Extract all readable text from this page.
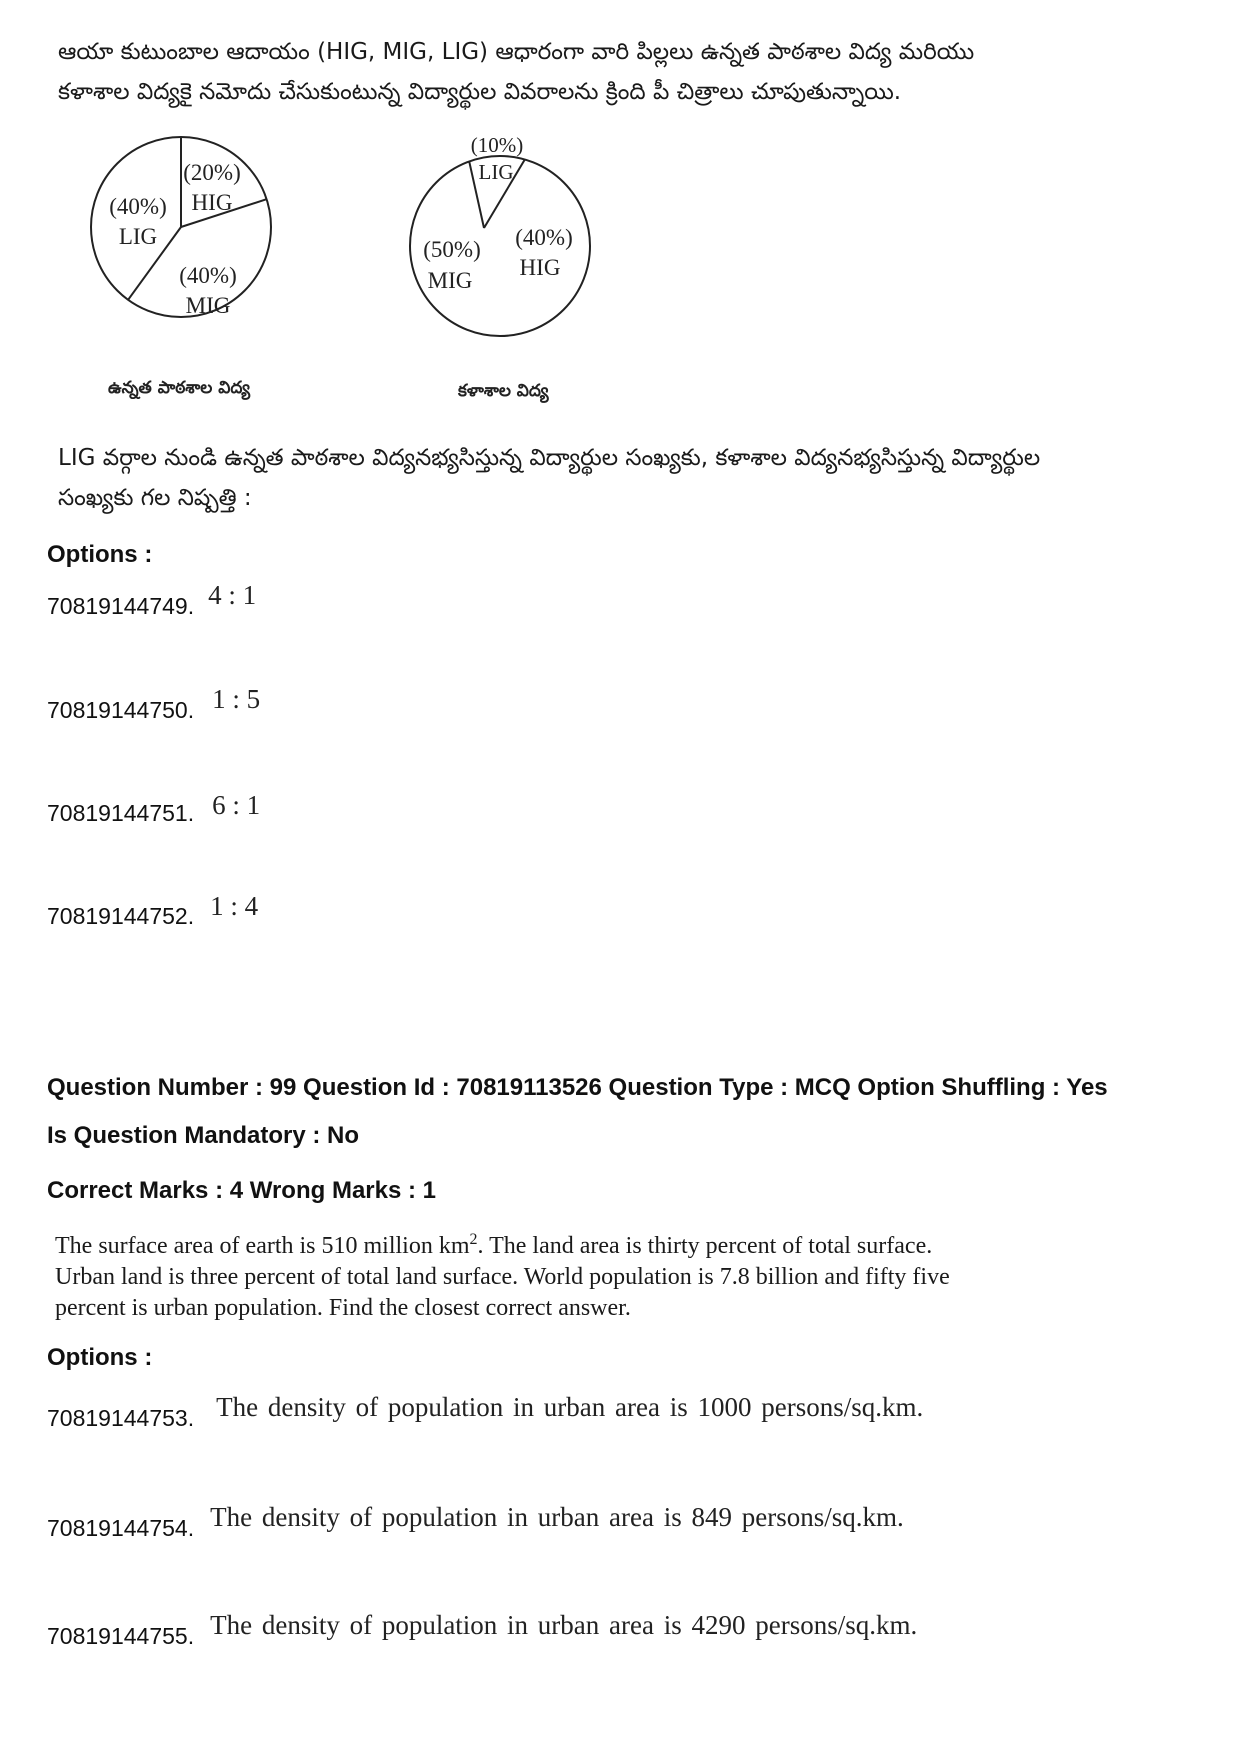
ఆయా కుటుంబాల ఆదాయం (HIG, MIG, LIG) ఆధారంగా వారి పిల్లలు ఉన్నత పాఠశాల విద్య మరియు
కళాశాల విద్యకై నమోదు చేసుకుంటున్న విద్యార్థుల వివరాలను క్రింది పీ చిత్రాలు చూపుతున్నాయి.
(20%)
HIG
(40%)
MIG
(40%)
LIG
ఉన్నత పాఠశాల విద్య
(10%)
LIG
(40%)
HIG
(50%)
MIG
కళాశాల విద్య
LIG వర్గాల నుండి ఉన్నత పాఠశాల విద్యనభ్యసిస్తున్న విద్యార్థుల సంఖ్యకు, కళాశాల విద్యనభ్యసిస్తున్న విద్యార్థుల
సంఖ్యకు గల నిష్పత్తి :
Options :
70819144749. 4 : 1
70819144750. 1 : 5
70819144751. 6 : 1
70819144752. 1 : 4
Question Number : 99 Question Id : 70819113526 Question Type : MCQ Option Shuffling : Yes
Is Question Mandatory : No
Correct Marks : 4 Wrong Marks : 1
The surface area of earth is 510 million $km^2$. The land area is thirty percent of total surface.
Urban land is three percent of total land surface. World population is 7.8 billion and fifty five
percent is urban population. Find the closest correct answer.
Options :
70819144753. The density of population in urban area is 1000 persons/sq.km.
70819144754. The density of population in urban area is 849 persons/sq.km.
70819144755. The density of population in urban area is 4290 persons/sq.km.
